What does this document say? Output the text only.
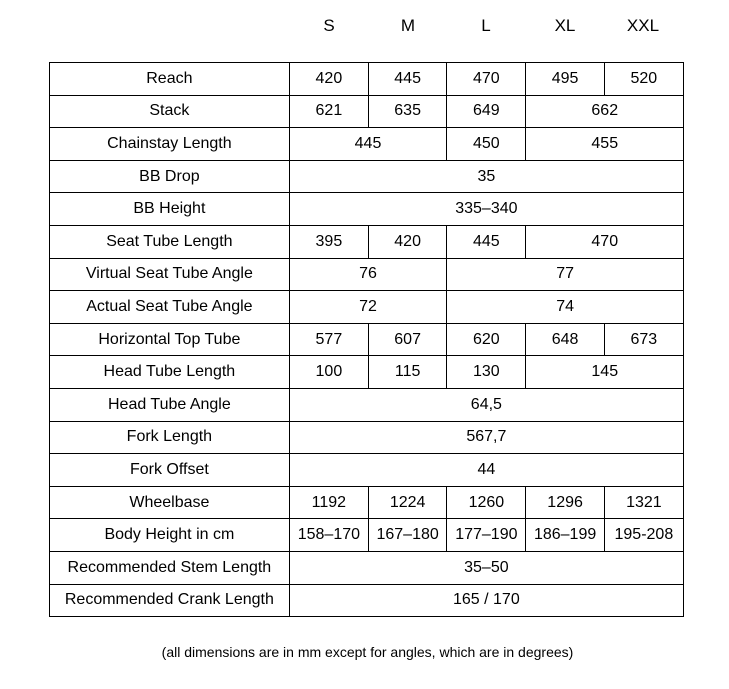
S	M	L	XL	XXL
Reach	420	445	470	495	520
Stack	621	635	649	662	
Chainstay Length	445		450	455	
BB Drop	35				
BB Height	335–340				
Seat Tube Length	395	420	445	470	
Virtual Seat Tube Angle	76		77		
Actual Seat Tube Angle	72		74		
Horizontal Top Tube	577	607	620	648	673
Head Tube Length	100	115	130	145	
Head Tube Angle	64,5				
Fork Length	567,7				
Fork Offset	44				
Wheelbase	1192	1224	1260	1296	1321
Body Height in cm	158–170	167–180	177–190	186–199	195-208
Recommended Stem Length	35–50				
Recommended Crank Length	165 / 170				
(all dimensions are in mm except for angles, which are in degrees)
